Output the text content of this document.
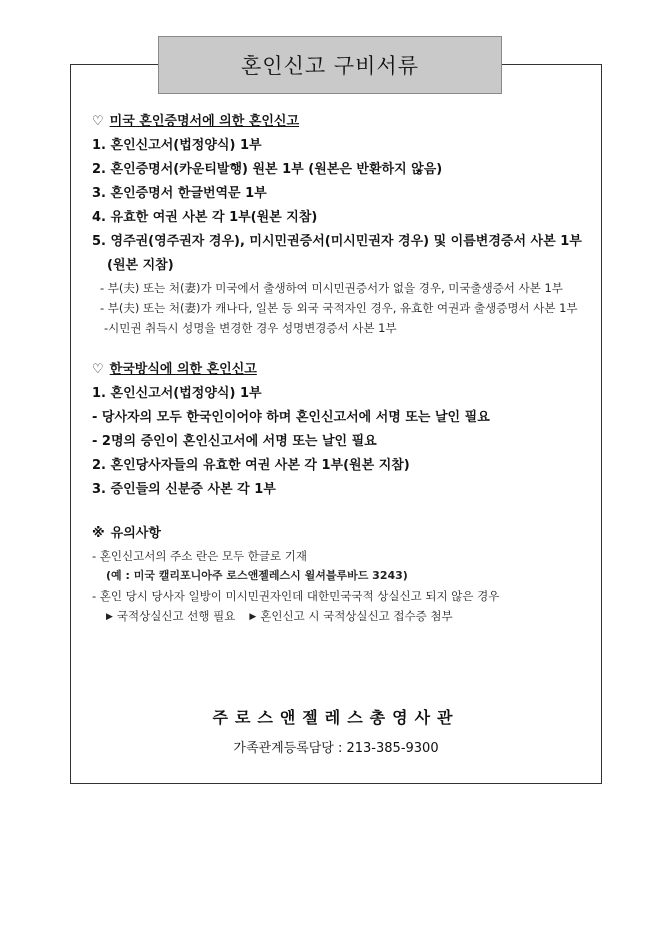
혼인신고 구비서류
♡ 미국 혼인증명서에 의한 혼인신고
1. 혼인신고서(법정양식) 1부
2. 혼인증명서(카운티발행) 원본 1부 (원본은 반환하지 않음)
3. 혼인증명서 한글번역문 1부
4. 유효한 여권 사본 각 1부(원본 지참)
5. 영주권(영주권자 경우), 미시민권증서(미시민권자 경우) 및 이름변경증서 사본 1부(원본 지참)
- 부(夫) 또는 처(妻)가 미국에서 출생하여 미시민권증서가 없을 경우, 미국출생증서 사본 1부
- 부(夫) 또는 처(妻)가 캐나다, 일본 등 외국 국적자인 경우, 유효한 여권과 출생증명서 사본 1부
-시민권 취득시 성명을 변경한 경우 성명변경증서 사본 1부
♡ 한국방식에 의한 혼인신고
1. 혼인신고서(법정양식) 1부
- 당사자의 모두 한국인이어야 하며 혼인신고서에 서명 또는 날인 필요
- 2명의 증인이 혼인신고서에 서명 또는 날인 필요
2. 혼인당사자들의 유효한 여권 사본 각 1부(원본 지참)
3. 증인들의 신분증 사본 각 1부
※ 유의사항
- 혼인신고서의 주소 란은 모두 한글로 기재
(예 : 미국 캘리포니아주 로스앤젤레스시 윌셔블루바드 3243)
- 혼인 당시 당사자 일방이 미시민권자인데 대한민국국적 상실신고 되지 않은 경우
▶ 국적상실신고 선행 필요 ▶ 혼인신고 시 국적상실신고 접수증 첨부
주로스앤젤레스총영사관
가족관계등록담당 : 213-385-9300
